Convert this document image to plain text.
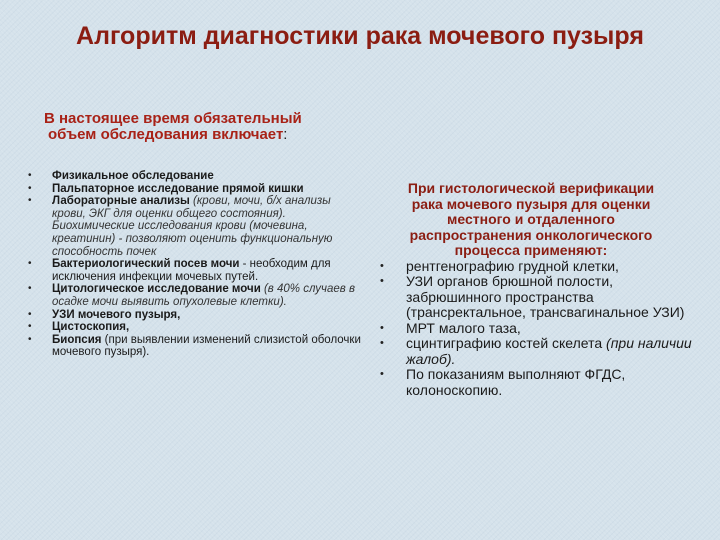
Алгоритм диагностики рака мочевого пузыря
В настоящее время обязательный
объем обследования включает:
• Физикальное обследование
• Пальпаторное исследование прямой кишки
• Лабораторные анализы (крови, мочи, б/х анализы крови, ЭКГ для оценки общего состояния). Биохимические исследования крови (мочевина, креатинин) - позволяют оценить функциональную способность почек
• Бактериологический посев мочи - необходим для исключения инфекции мочевых путей.
• Цитологическое исследование мочи (в 40% случаев в осадке мочи выявить опухолевые клетки).
• УЗИ мочевого пузыря,
• Цистоскопия,
• Биопсия (при выявлении изменений слизистой оболочки мочевого пузыря).
При гистологической верификации рака мочевого пузыря для оценки местного и отдаленного распространения онкологического процесса применяют:
• рентгенографию грудной клетки,
• УЗИ органов брюшной полости, забрюшинного пространства (трансректальное, трансвагинальное УЗИ)
• МРТ малого таза,
• сцинтиграфию костей скелета (при наличии жалоб).
• По показаниям выполняют ФГДС, колоноскопию.
